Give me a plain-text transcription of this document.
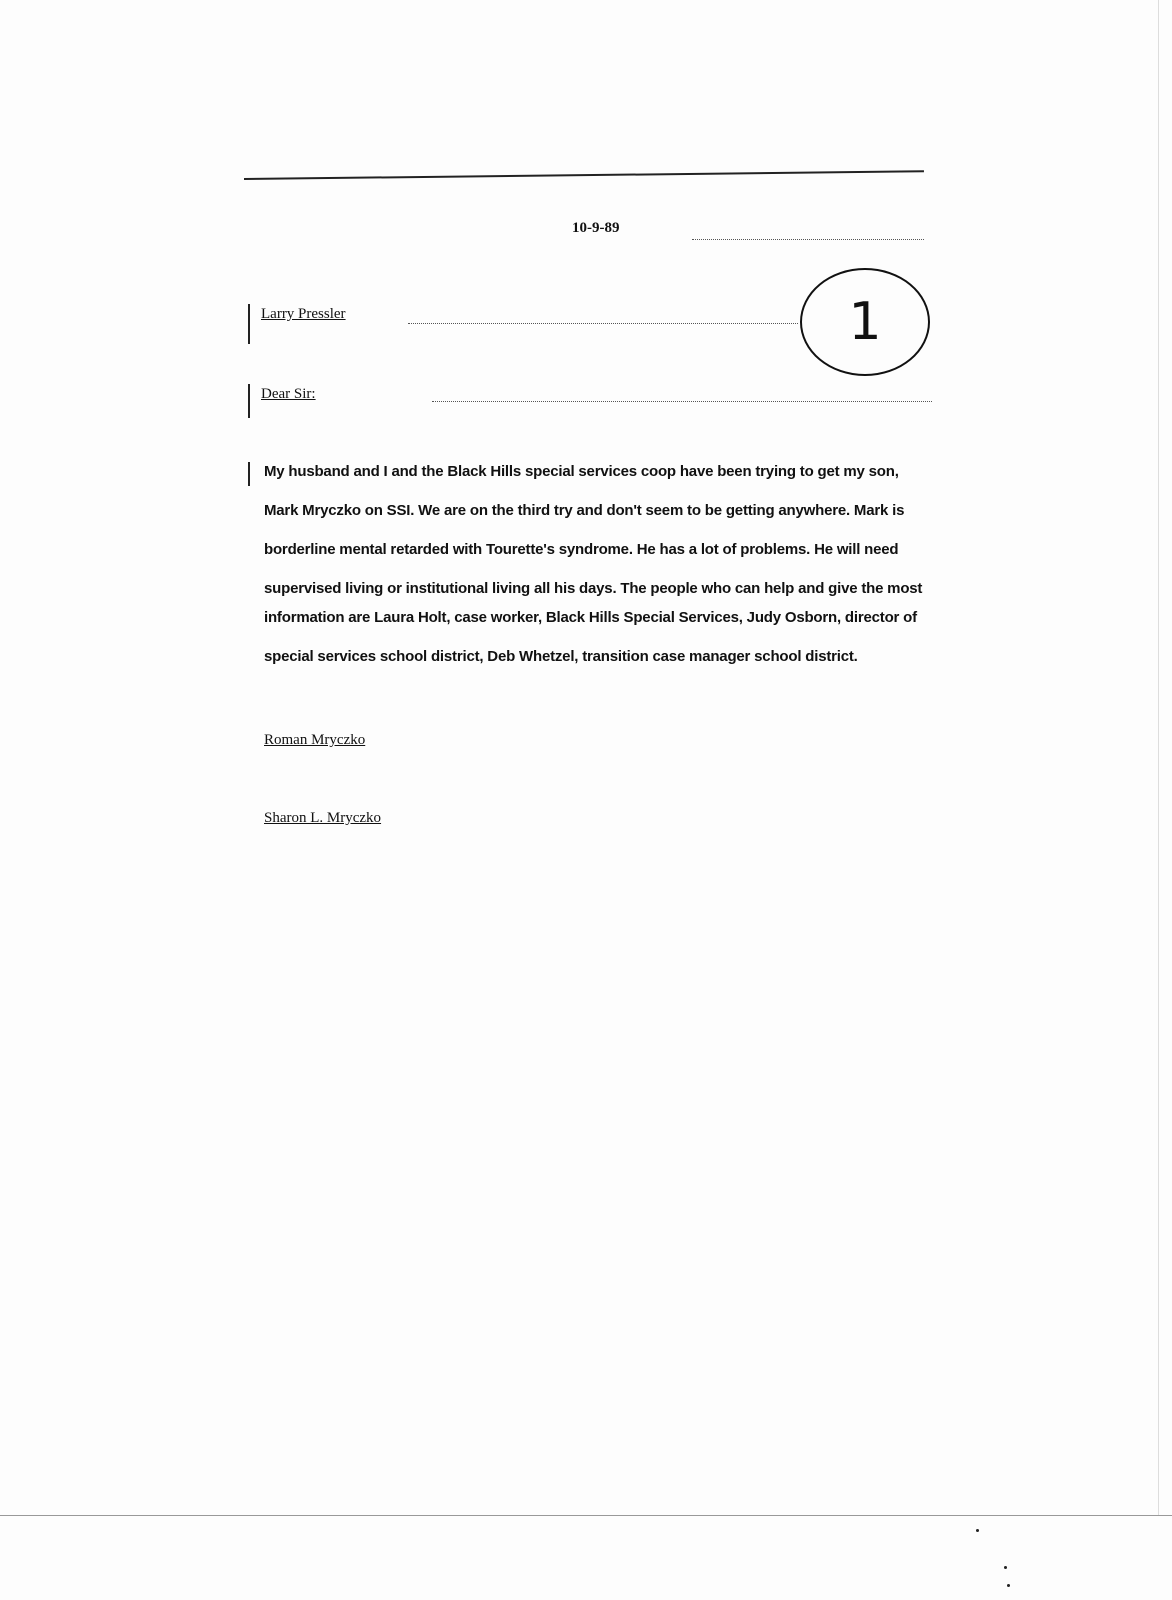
10-9-89
Larry Pressler	1
Dear Sir:
My husband and I and the Black Hills special services coop have been trying to get my son,
Mark Mryczko on SSI. We are on the third try and don't seem to be getting anywhere. Mark is
borderline mental retarded with Tourette's syndrome. He has a lot of problems. He will need
supervised living or institutional living all his days. The people who can help and give the most
information are Laura Holt, case worker, Black Hills Special Services, Judy Osborn, director of
special services school district, Deb Whetzel, transition case manager school district.
Roman Mryczko
Sharon L. Mryczko
